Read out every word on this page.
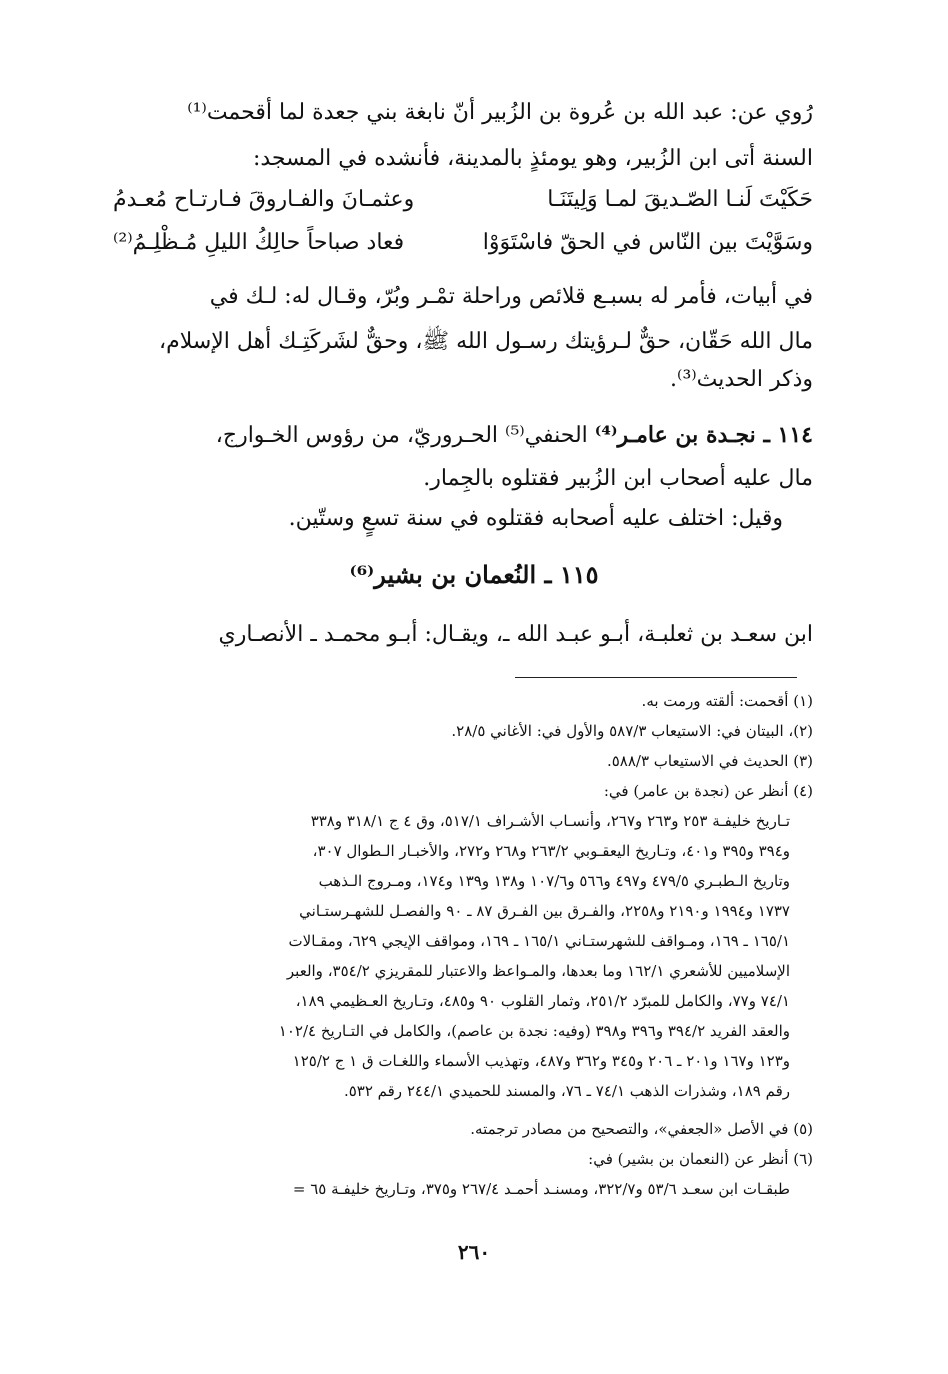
رُوي عن: عبد الله بن عُروة بن الزُبير أنّ نابغة بني جعدة لما أقحمت⁽¹⁾
السنة أتى ابن الزُبير، وهو يومئذٍ بالمدينة، فأنشده في المسجد:
حَكَيْتَ لَنـا الصّـديقَ لمـا وَلِيتَنَـا
وعثمـانَ والفـاروقَ فـارتـاح مُعـدمُ
وسَوَّيْتَ بين النّاس في الحقّ فاسْتَوَوْا
فعاد صباحاً حالِكُ الليلِ مُـظْلِـمُ⁽²⁾
في أبيات، فأمر له بسبـع قلائص وراحلة تمْـر وبُرّ، وقـال له: لـك في
مال الله حَقّان، حقٌّ لـرؤيتك رسـول الله ﷺ، وحقٌّ لشَركَتِـك أهل الإسلام،
وذكر الحديث⁽³⁾.
١١٤ ـ نجـدة بن عامـر⁽⁴⁾ الحنفي⁽⁵⁾ الحـروريّ، من رؤوس الخـوارج،
مال عليه أصحاب ابن الزُبير فقتلوه بالجِمار.
وقيل: اختلف عليه أصحابه فقتلوه في سنة تسعٍ وستّين.
١١٥ ـ النُعمان بن بشير⁽⁶⁾
ابن سعـد بن ثعلبـة، أبـو عبـد الله ـ، ويقـال: أبـو محمـد ـ الأنصـاري
(١) أقحمت: ألقته ورمت به.
(٢)، البيتان في: الاستيعاب ٥٨٧/٣ والأول في: الأغاني ٢٨/٥.
(٣) الحديث في الاستيعاب ٥٨٨/٣.
(٤) أنظر عن (نجدة بن عامر) في:
تـاريخ خليفـة ٢٥٣ و٢٦٣ و٢٦٧، وأنسـاب الأشـراف ٥١٧/١، وق ٤ ج ٣١٨/١ و٣٣٨
و٣٩٤ و٣٩٥ و٤٠١، وتـاريخ اليعقـوبي ٢٦٣/٢ و٢٦٨ و٢٧٢، والأخبـار الـطوال ٣٠٧،
وتاريخ الـطبـري ٤٧٩/٥ و٤٩٧ و٥٦٦ و١٠٧/٦ و١٣٨ و١٣٩ و١٧٤، ومـروج الـذهب
١٧٣٧ و١٩٩٤ و٢١٩٠ و٢٢٥٨، والفـرق بين الفـرق ٨٧ ـ ٩٠ والفصـل للشهـرستـاني
١٦٥/١ ـ ١٦٩، ومـواقف للشهرستـاني ١٦٥/١ ـ ١٦٩، ومواقف الإيجي ٦٢٩، ومقـالات
الإسلاميين للأشعري ١٦٢/١ وما بعدها، والمـواعظ والاعتبار للمقريزي ٣٥٤/٢، والعبر
٧٤/١ و٧٧، والكامل للمبرّد ٢٥١/٢، وثمار القلوب ٩٠ و٤٨٥، وتـاريخ العـظيمي ١٨٩،
والعقد الفريد ٣٩٤/٢ و٣٩٦ و٣٩٨ (وفيه: نجدة بن عاصم)، والكامل في التـاريخ ١٠٢/٤
و١٢٣ و١٦٧ و٢٠١ ـ ٢٠٦ و٣٤٥ و٣٦٢ و٤٨٧، وتهذيب الأسماء واللغـات ق ١ ج ١٢٥/٢
رقم ١٨٩، وشذرات الذهب ٧٤/١ ـ ٧٦، والمسند للحميدي ٢٤٤/١ رقم ٥٣٢.
(٥) في الأصل «الجعفي»، والتصحيح من مصادر ترجمته.
(٦) أنظر عن (النعمان بن بشير) في:
طبقـات ابن سعـد ٥٣/٦ و٣٢٢/٧، ومسنـد أحمـد ٢٦٧/٤ و٣٧٥، وتـاريخ خليفـة ٦٥ =
٢٦٠
